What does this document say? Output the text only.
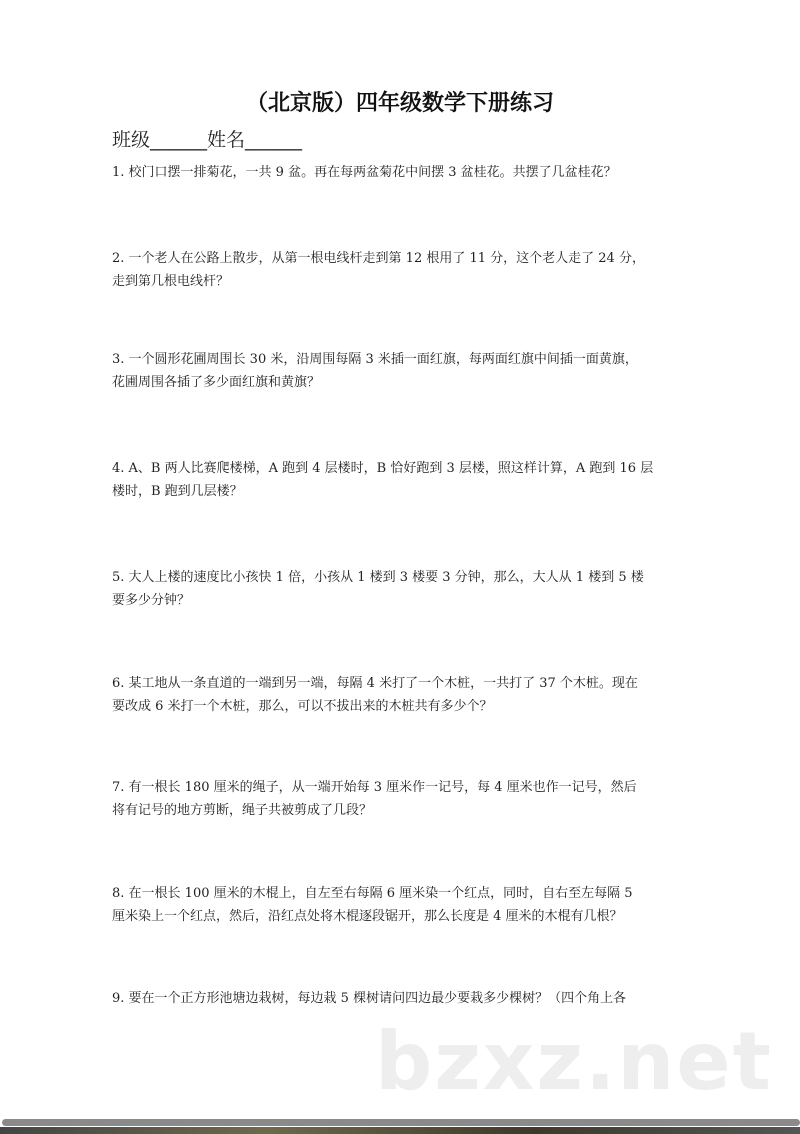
（北京版）四年级数学下册练习
班级______姓名______
1. 校门口摆一排菊花，一共 9 盆。再在每两盆菊花中间摆 3 盆桂花。共摆了几盆桂花？
2. 一个老人在公路上散步，从第一根电线杆走到第 12 根用了 11 分，这个老人走了 24 分，
走到第几根电线杆？
3. 一个圆形花圃周围长 30 米，沿周围每隔 3 米插一面红旗，每两面红旗中间插一面黄旗，
花圃周围各插了多少面红旗和黄旗？
4. A、B 两人比赛爬楼梯，A 跑到 4 层楼时，B 恰好跑到 3 层楼，照这样计算，A 跑到 16 层
楼时，B 跑到几层楼？
5. 大人上楼的速度比小孩快 1 倍，小孩从 1 楼到 3 楼要 3 分钟，那么，大人从 1 楼到 5 楼
要多少分钟？
6. 某工地从一条直道的一端到另一端，每隔 4 米打了一个木桩，一共打了 37 个木桩。现在
要改成 6 米打一个木桩，那么，可以不拔出来的木桩共有多少个？
7. 有一根长 180 厘米的绳子，从一端开始每 3 厘米作一记号，每 4 厘米也作一记号，然后
将有记号的地方剪断，绳子共被剪成了几段？
8. 在一根长 100 厘米的木棍上，自左至右每隔 6 厘米染一个红点，同时，自右至左每隔 5
厘米染上一个红点，然后，沿红点处将木棍逐段锯开，那么长度是 4 厘米的木棍有几根？
9. 要在一个正方形池塘边栽树，每边栽 5 棵树请问四边最少要栽多少棵树？（四个角上各
bzxz.net
